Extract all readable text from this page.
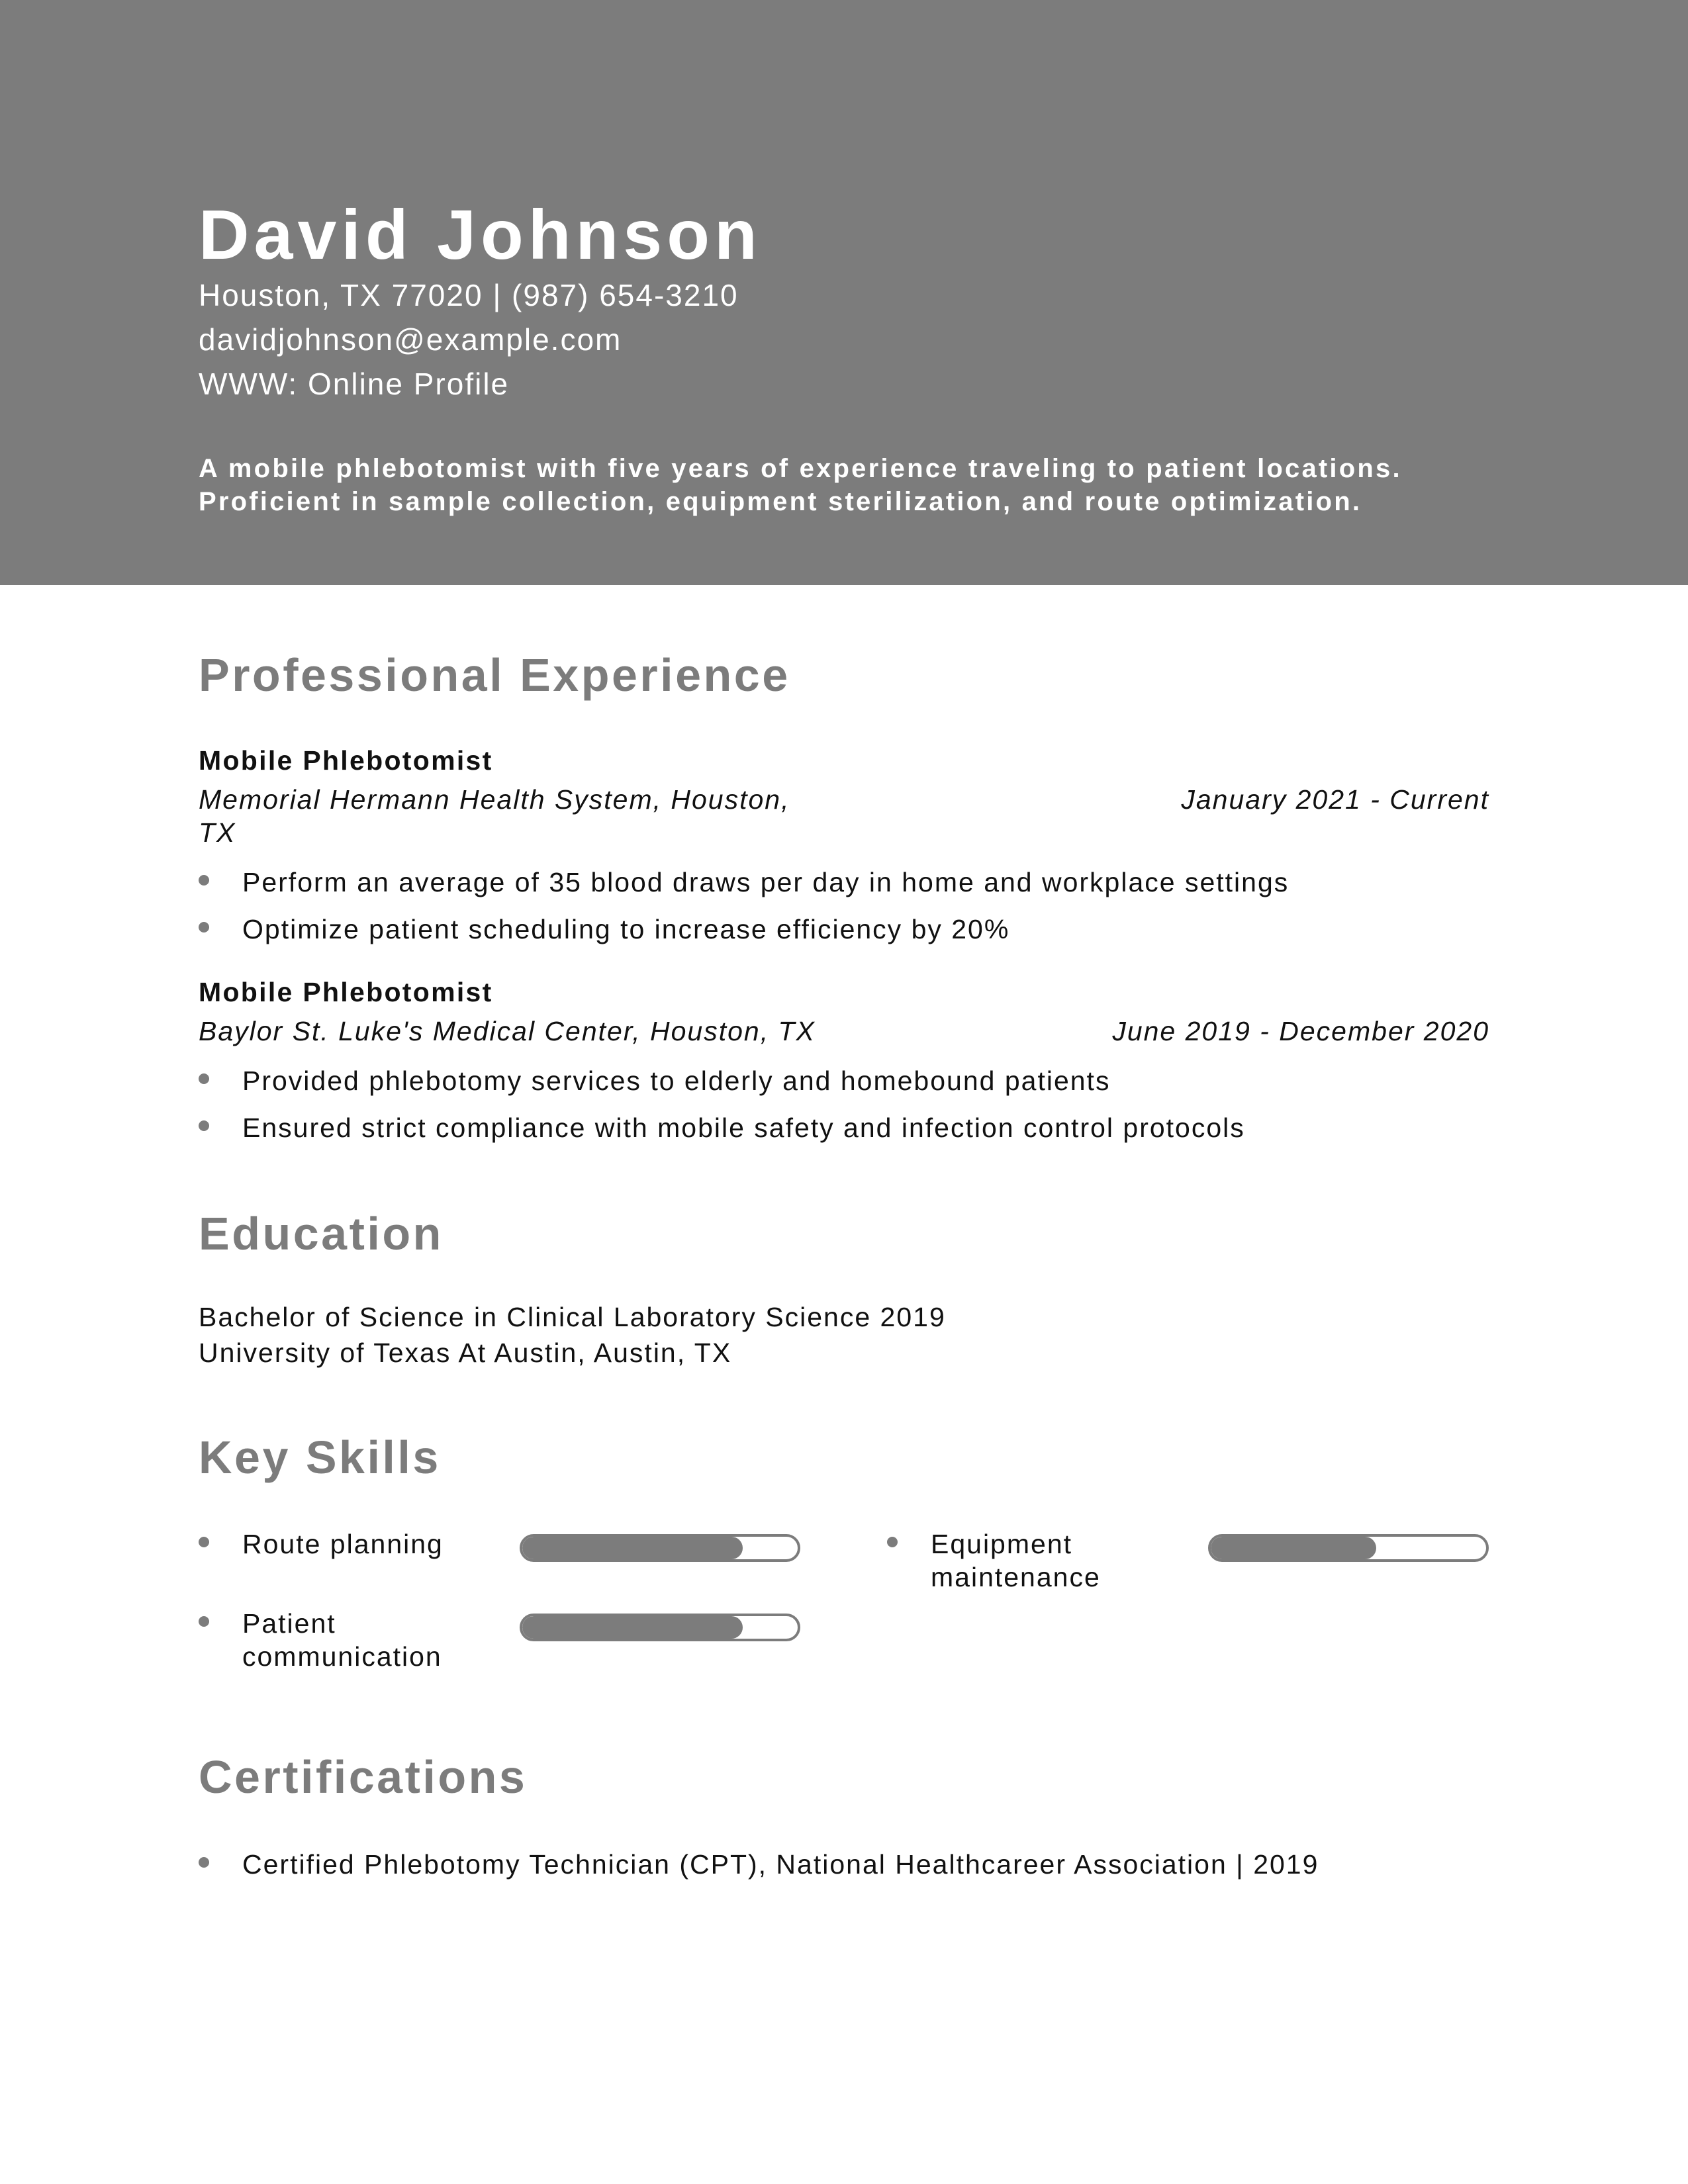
David Johnson
Houston, TX 77020 | (987) 654-3210
davidjohnson@example.com
WWW: Online Profile

A mobile phlebotomist with five years of experience traveling to patient locations.

Proficient in sample collection, equipment sterilization, and route optimization.

Professional Experience
Mobile Phlebotomist
Memorial Hermann Health System, Houston, TX
January 2021 - Current
Perform an average of 35 blood draws per day in home and workplace settings
Optimize patient scheduling to increase efficiency by 20%
Mobile Phlebotomist
Baylor St. Luke's Medical Center, Houston, TX	June 2019 - December 2020
Provided phlebotomy services to elderly and homebound patients
Ensured strict compliance with mobile safety and infection control protocols
Education
Bachelor of Science in Clinical Laboratory Science 2019
University of Texas At Austin, Austin, TX
Key Skills
Route planning	Equipment maintenance
Patient communication
Certifications
Certified Phlebotomy Technician (CPT), National Healthcareer Association | 2019
